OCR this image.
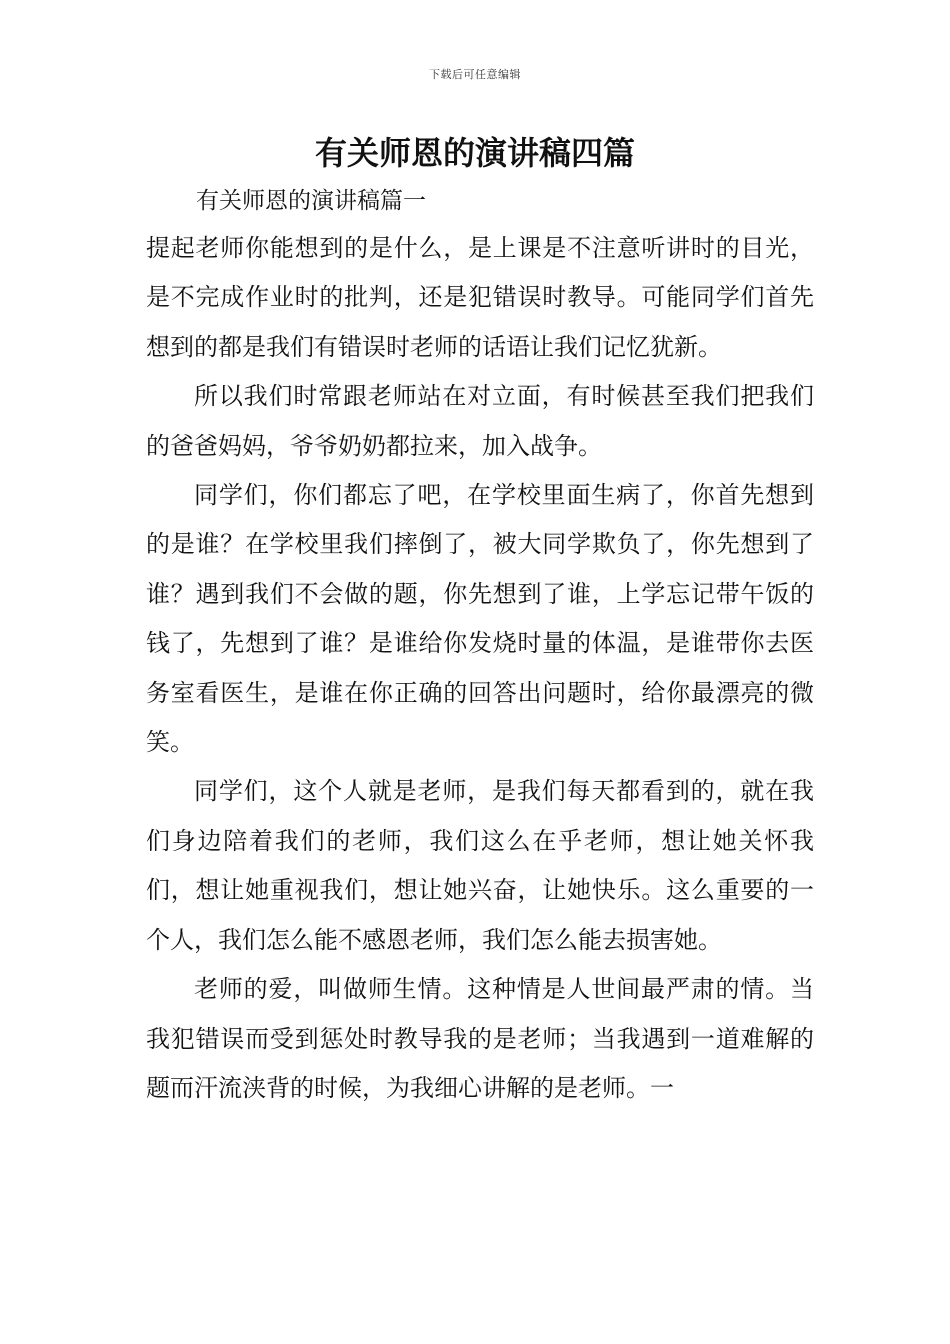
下载后可任意编辑
有关师恩的演讲稿四篇
有关师恩的演讲稿篇一

提起老师你能想到的是什么，是上课是不注意听讲时的目光，是不完成作业时的批判，还是犯错误时教导。可能同学们首先想到的都是我们有错误时老师的话语让我们记忆犹新。

所以我们时常跟老师站在对立面，有时候甚至我们把我们的爸爸妈妈，爷爷奶奶都拉来，加入战争。

同学们，你们都忘了吧，在学校里面生病了，你首先想到的是谁？在学校里我们摔倒了，被大同学欺负了，你先想到了谁？遇到我们不会做的题，你先想到了谁，上学忘记带午饭的钱了，先想到了谁？是谁给你发烧时量的体温，是谁带你去医务室看医生，是谁在你正确的回答出问题时，给你最漂亮的微笑。

同学们，这个人就是老师，是我们每天都看到的，就在我们身边陪着我们的老师，我们这么在乎老师，想让她关怀我们，想让她重视我们，想让她兴奋，让她快乐。这么重要的一个人，我们怎么能不感恩老师，我们怎么能去损害她。

老师的爱，叫做师生情。这种情是人世间最严肃的情。当我犯错误而受到惩处时教导我的是老师；当我遇到一道难解的题而汗流浃背的时候，为我细心讲解的是老师。一
